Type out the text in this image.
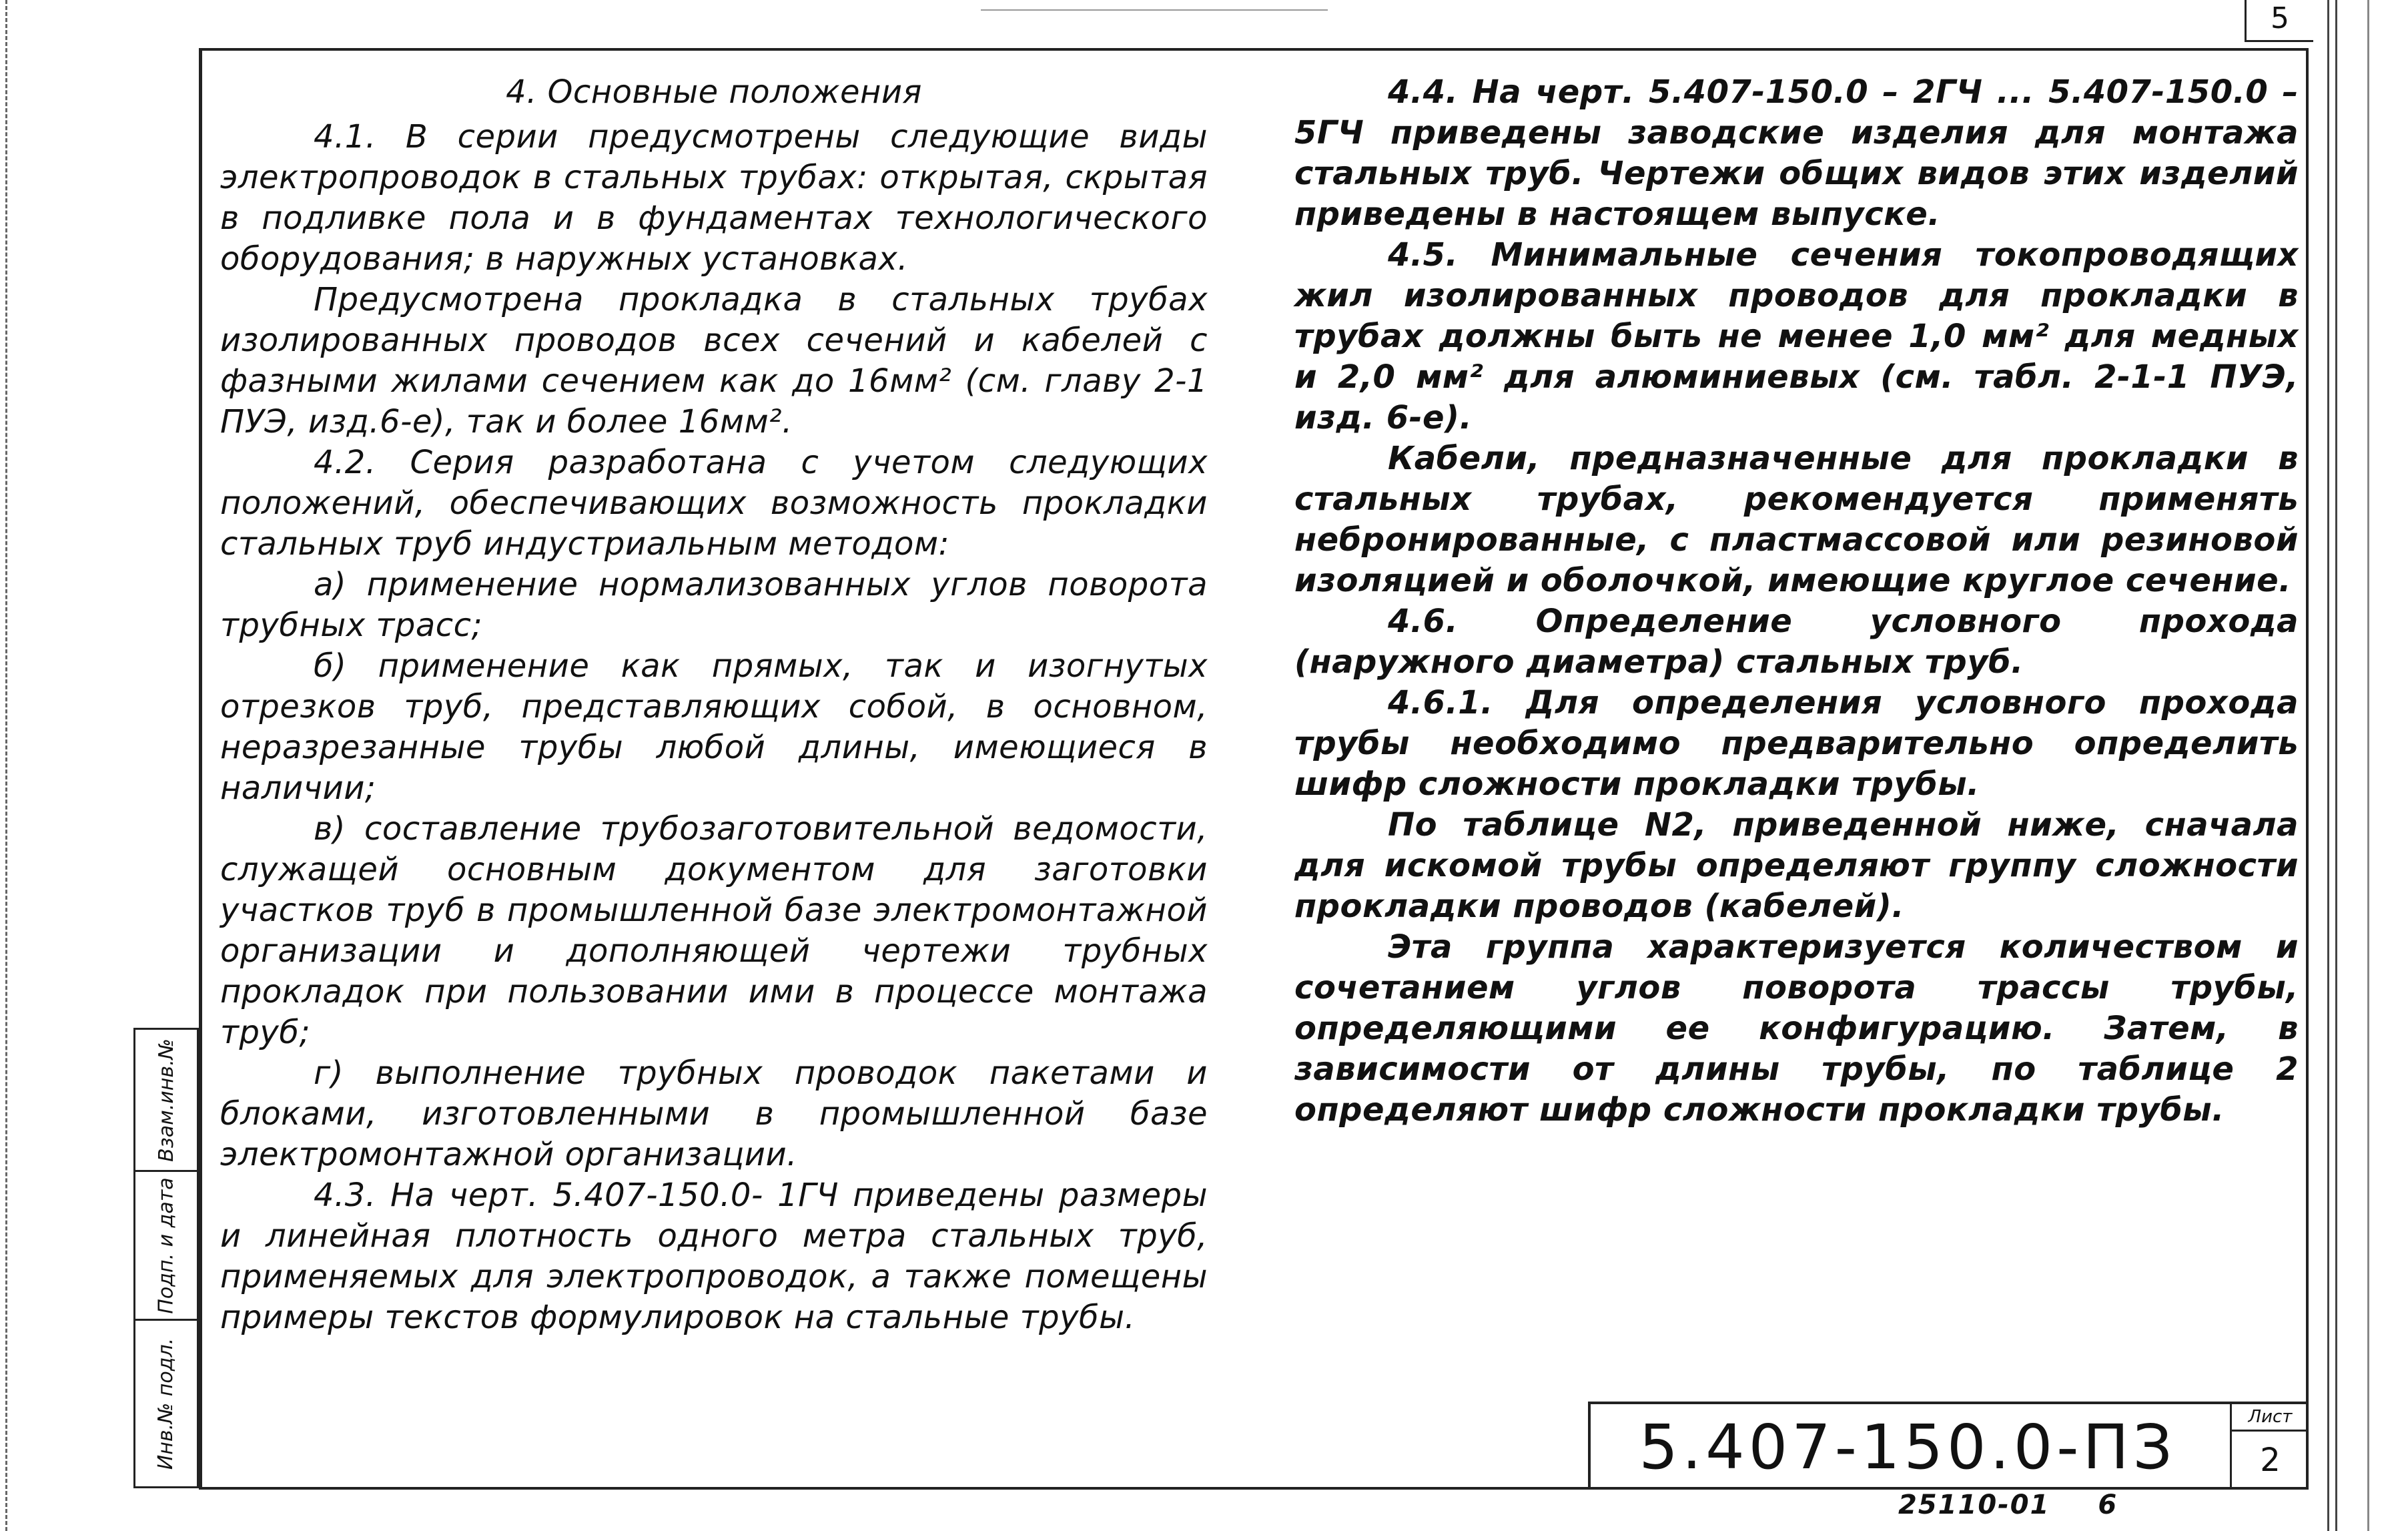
5
Взам.инв.№
Подп. и дата
Инв.№ подл.
4. Основные положения

4.1. В серии предусмотрены следующие виды электропроводок в стальных трубах: открытая, скрытая в подливке пола и в фундаментах технологического оборудования; в наружных установках.

Предусмотрена прокладка в стальных трубах изолированных проводов всех сечений и кабелей с фазными жилами сечением как до 16мм² (см. главу 2-1 ПУЭ, изд.6-е), так и более 16мм².

4.2. Серия разработана с учетом следующих положений, обеспечивающих возможность прокладки стальных труб индустриальным методом:

а) применение нормализованных углов поворота трубных трасс;

б) применение как прямых, так и изогнутых отрезков труб, представляющих собой, в основном, неразрезанные трубы любой длины, имеющиеся в наличии;

в) составление трубозаготовительной ведомости, служащей основным документом для заготовки участков труб в промышленной базе электромонтажной организации и дополняющей чертежи трубных прокладок при пользовании ими в процессе монтажа труб;

г) выполнение трубных проводок пакетами и блоками, изготовленными в промышленной базе электромонтажной организации.

4.3. На черт. 5.407-150.0- 1ГЧ приведены размеры и линейная плотность одного метра стальных труб, применяемых для электропроводок, а также помещены примеры текстов формулировок на стальные трубы.

4.4. На черт. 5.407-150.0 – 2ГЧ ... 5.407-150.0 – 5ГЧ приведены заводские изделия для монтажа стальных труб. Чертежи общих видов этих изделий приведены в настоящем выпуске.

4.5. Минимальные сечения токопроводящих жил изолированных проводов для прокладки в трубах должны быть не менее 1,0 мм² для медных и 2,0 мм² для алюминиевых (см. табл. 2-1-1 ПУЭ, изд. 6-е).

Кабели, предназначенные для прокладки в стальных трубах, рекомендуется применять небронированные, с пластмассовой или резиновой изоляцией и оболочкой, имеющие круглое сечение.

4.6. Определение условного прохода (наружного диаметра) стальных труб.

4.6.1. Для определения условного прохода трубы необходимо предварительно определить шифр сложности прокладки трубы.

По таблице N2, приведенной ниже, сначала для искомой трубы определяют группу сложности прокладки проводов (кабелей).

Эта группа характеризуется количеством и сочетанием углов поворота трассы трубы, определяющими ее конфигурацию. Затем, в зависимости от длины трубы, по таблице 2 определяют шифр сложности прокладки трубы.

5.407-150.0-ПЗ	Лист
2
25110-01 6
